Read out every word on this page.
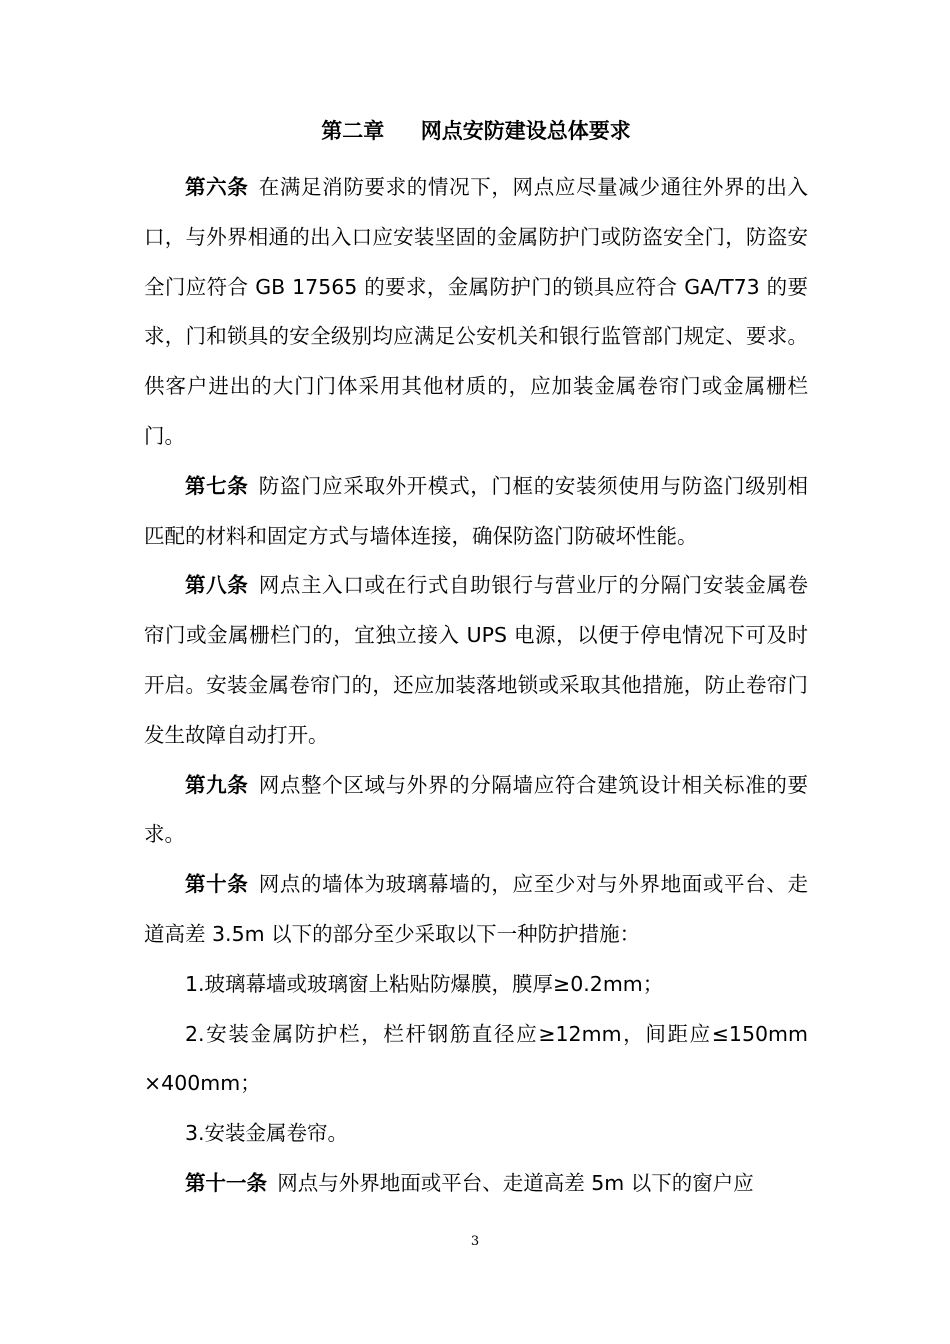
第二章     网点安防建设总体要求

第六条 在满足消防要求的情况下，网点应尽量减少通往外界的出入口，与外界相通的出入口应安装坚固的金属防护门或防盗安全门，防盗安全门应符合 GB 17565 的要求，金属防护门的锁具应符合 GA/T73 的要求，门和锁具的安全级别均应满足公安机关和银行监管部门规定、要求。供客户进出的大门门体采用其他材质的，应加装金属卷帘门或金属栅栏门。

第七条 防盗门应采取外开模式，门框的安装须使用与防盗门级别相匹配的材料和固定方式与墙体连接，确保防盗门防破坏性能。

第八条 网点主入口或在行式自助银行与营业厅的分隔门安装金属卷帘门或金属栅栏门的，宜独立接入 UPS 电源，以便于停电情况下可及时开启。安装金属卷帘门的，还应加装落地锁或采取其他措施，防止卷帘门发生故障自动打开。

第九条 网点整个区域与外界的分隔墙应符合建筑设计相关标准的要求。

第十条 网点的墙体为玻璃幕墙的，应至少对与外界地面或平台、走道高差 3.5m 以下的部分至少采取以下一种防护措施：

1.玻璃幕墙或玻璃窗上粘贴防爆膜，膜厚≥0.2mm；

2.安装金属防护栏，栏杆钢筋直径应≥12mm，间距应≤150mm ×400mm；

3.安装金属卷帘。

第十一条 网点与外界地面或平台、走道高差 5m 以下的窗户应

3
